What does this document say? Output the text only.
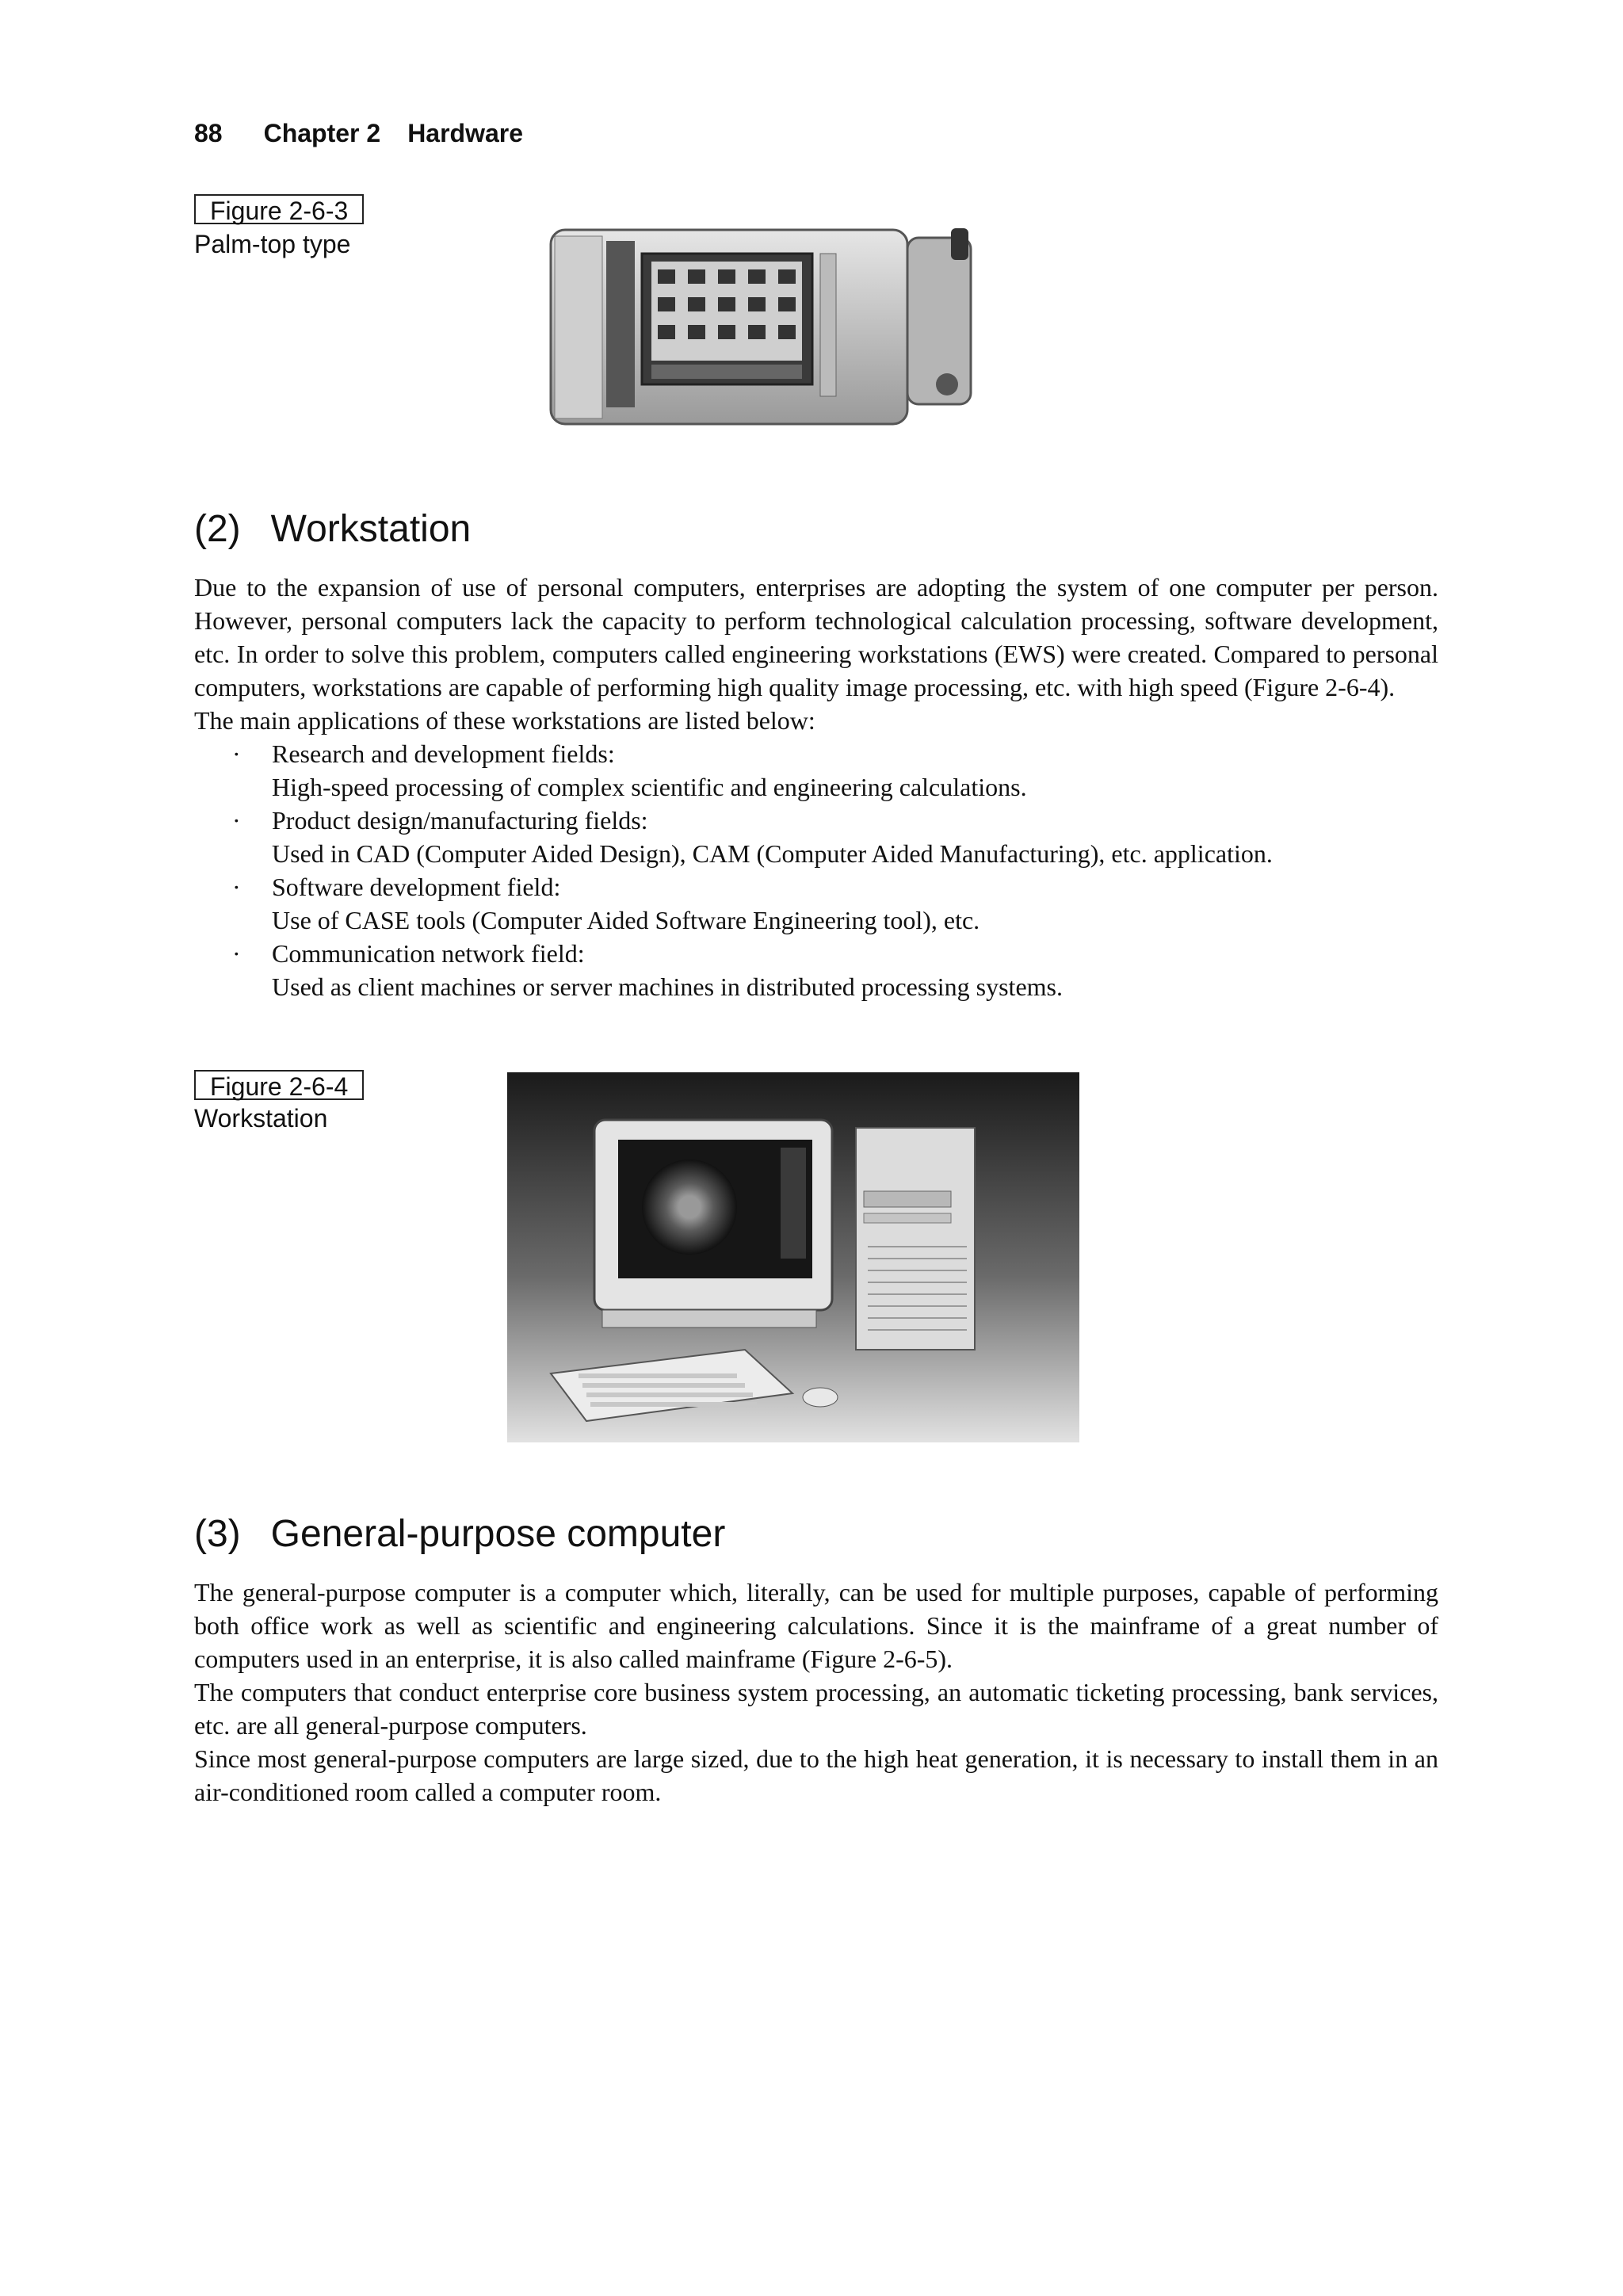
88 Chapter 2 Hardware
Figure 2-6-3
Palm-top type
(2) Workstation

Due to the expansion of use of personal computers, enterprises are adopting the system of one computer per person. However, personal computers lack the capacity to perform technological calculation processing, software development, etc. In order to solve this problem, computers called engineering workstations (EWS) were created. Compared to personal computers, workstations are capable of performing high quality image processing, etc. with high speed (Figure 2-6-4).

The main applications of these workstations are listed below:

· Research and development fields:
High-speed processing of complex scientific and engineering calculations.
· Product design/manufacturing fields:
Used in CAD (Computer Aided Design), CAM (Computer Aided Manufacturing), etc. application.
· Software development field:
Use of CASE tools (Computer Aided Software Engineering tool), etc.
· Communication network field:
Used as client machines or server machines in distributed processing systems.
Figure 2-6-4
Workstation
(3) General-purpose computer

The general-purpose computer is a computer which, literally, can be used for multiple purposes, capable of performing both office work as well as scientific and engineering calculations. Since it is the mainframe of a great number of computers used in an enterprise, it is also called mainframe (Figure 2-6-5).

The computers that conduct enterprise core business system processing, an automatic ticketing processing, bank services, etc. are all general-purpose computers.

Since most general-purpose computers are large sized, due to the high heat generation, it is necessary to install them in an air-conditioned room called a computer room.
